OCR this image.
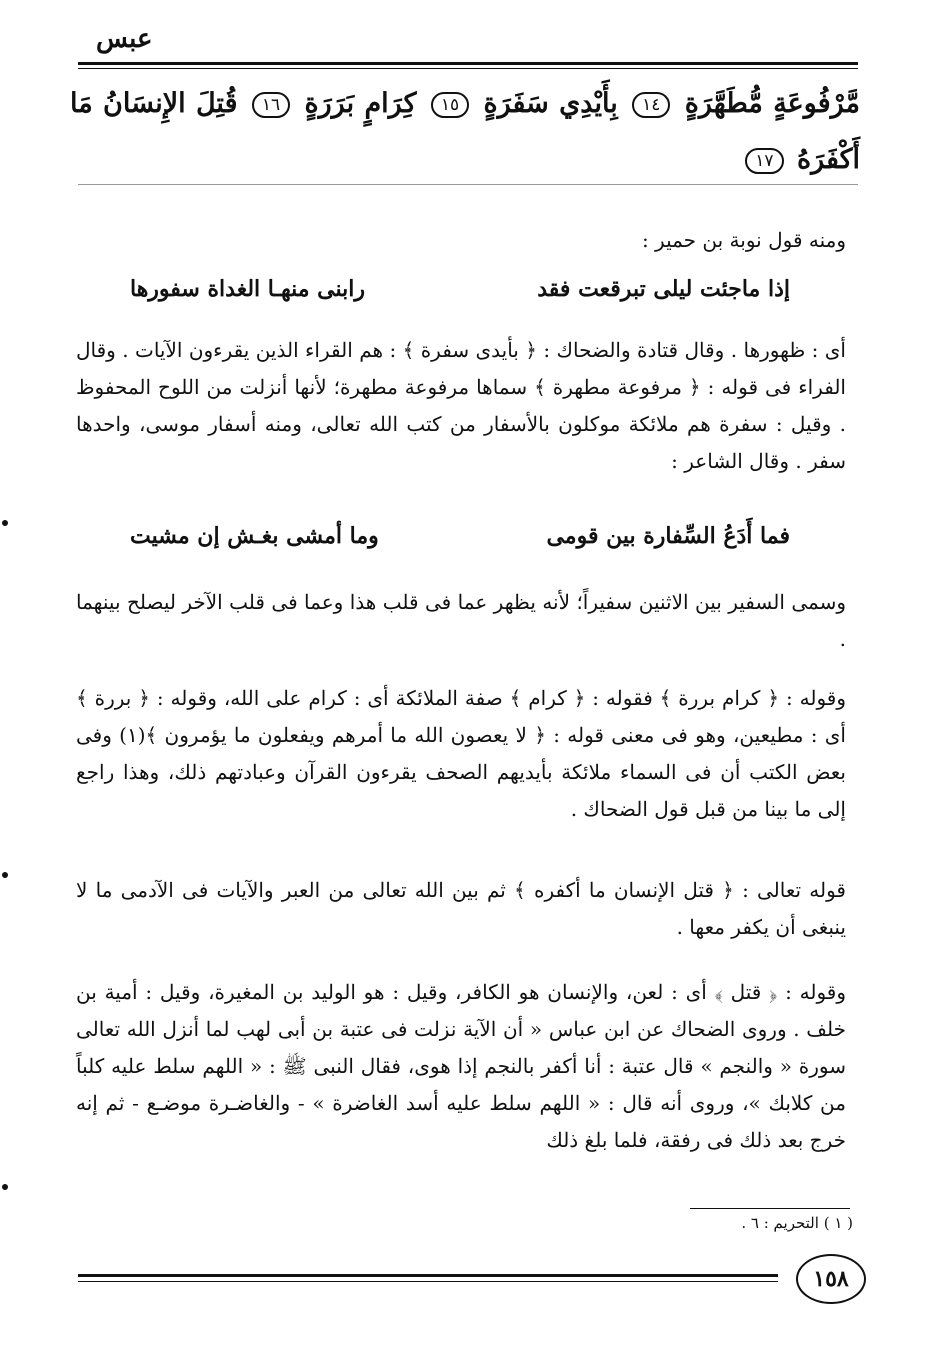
عبس
مَّرْفُوعَةٍ مُّطَهَّرَةٍ ١٤ بِأَيْدِي سَفَرَةٍ ١٥ كِرَامٍ بَرَرَةٍ ١٦ قُتِلَ الإِنسَانُ مَا أَكْفَرَهُ ١٧
ومنه قول نوبة بن حمير :
إذا ماجئت ليلى تبرقعت فقد
رابنى منهـا الغداة سفورها
أى : ظهورها . وقال قتادة والضحاك : ﴿ بأيدى سفرة ﴾ : هم القراء الذين يقرءون الآيات . وقال الفراء فى قوله : ﴿ مرفوعة مطهرة ﴾ سماها مرفوعة مطهرة؛ لأنها أنزلت من اللوح المحفوظ . وقيل : سفرة هم ملائكة موكلون بالأسفار من كتب الله تعالى، ومنه أسفار موسى، واحدها سفر . وقال الشاعر :
فما أَدَعُ السِّفارة بين قومى
وما أمشى بغـش إن مشيت
وسمى السفير بين الاثنين سفيراً؛ لأنه يظهر عما فى قلب هذا وعما فى قلب الآخر ليصلح بينهما .
وقوله : ﴿ كرام بررة ﴾ فقوله : ﴿ كرام ﴾ صفة الملائكة أى : كرام على الله، وقوله : ﴿ بررة ﴾ أى : مطيعين، وهو فى معنى قوله : ﴿ لا يعصون الله ما أمرهم ويفعلون ما يؤمرون ﴾(١) وفى بعض الكتب أن فى السماء ملائكة بأيديهم الصحف يقرءون القرآن وعبادتهم ذلك، وهذا راجع إلى ما بينا من قبل قول الضحاك .
قوله تعالى : ﴿ قتل الإنسان ما أكفره ﴾ ثم بين الله تعالى من العبر والآيات فى الآدمى ما لا ينبغى أن يكفر معها .
وقوله : ﴿ قتل ﴾ أى : لعن، والإنسان هو الكافر، وقيل : هو الوليد بن المغيرة، وقيل : أمية بن خلف . وروى الضحاك عن ابن عباس « أن الآية نزلت فى عتبة بن أبى لهب لما أنزل الله تعالى سورة « والنجم » قال عتبة : أنا أكفر بالنجم إذا هوى، فقال النبى ﷺ : « اللهم سلط عليه كلباً من كلابك »، وروى أنه قال : « اللهم سلط عليه أسد الغاضرة » - والغاضـرة موضـع - ثم إنه خرج بعد ذلك فى رفقة، فلما بلغ ذلك
( ١ ) التحريم : ٦ .
١٥٨
